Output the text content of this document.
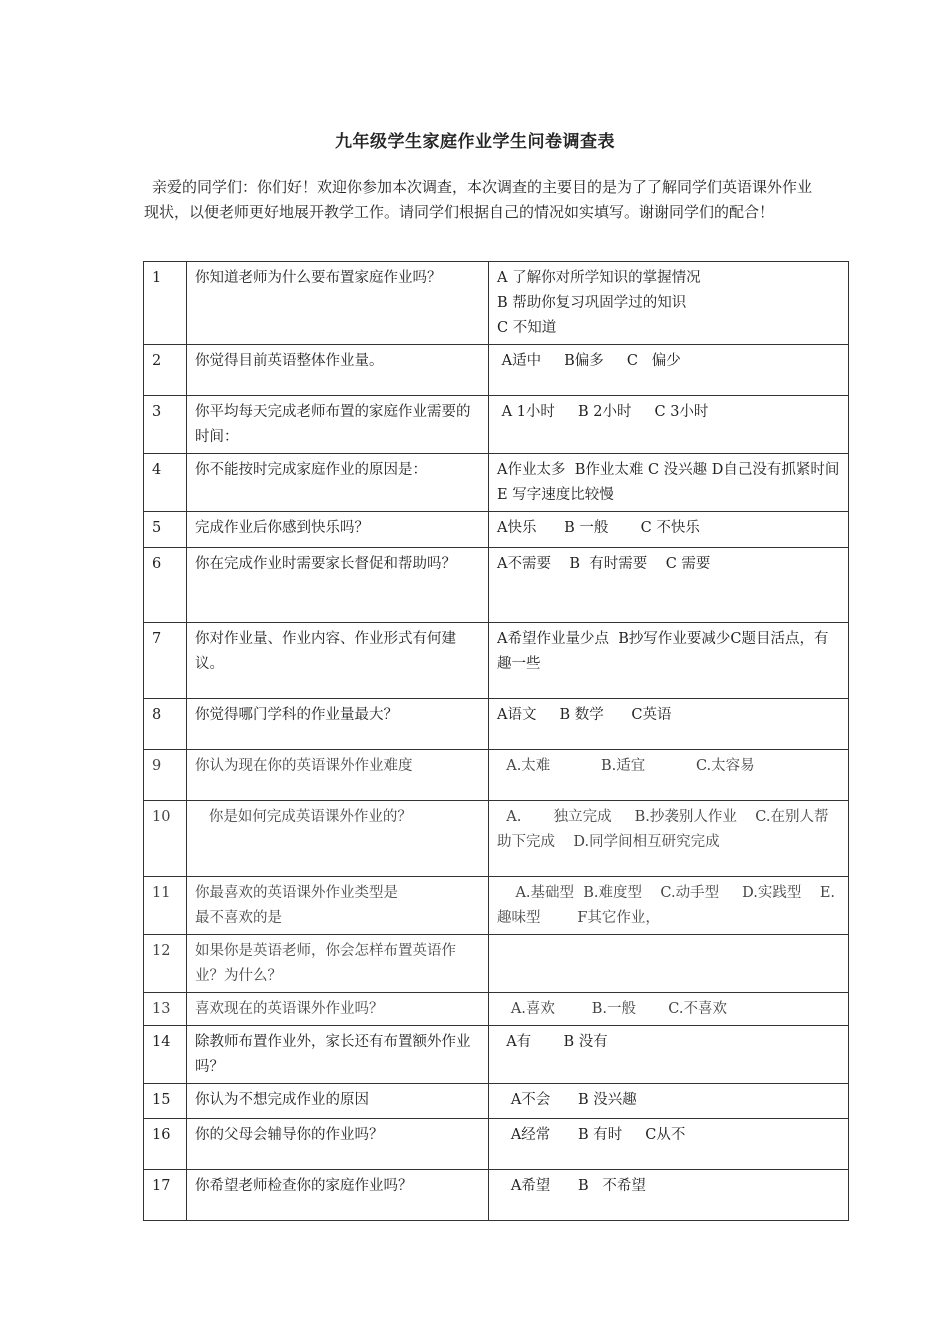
九年级学生家庭作业学生问卷调查表

亲爱的同学们：你们好！欢迎你参加本次调查，本次调查的主要目的是为了了解同学们英语课外作业现状，以便老师更好地展开教学工作。请同学们根据自己的情况如实填写。谢谢同学们的配合！

1	你知道老师为什么要布置家庭作业吗？	A 了解你对所学知识的掌握情况
B 帮助你复习巩固学过的知识
C 不知道
2	你觉得目前英语整体作业量。	A适中     B偏多     C   偏少
3	你平均每天完成老师布置的家庭作业需要的时间：	A 1小时     B 2小时     C 3小时
4	你不能按时完成家庭作业的原因是：	A作业太多  B作业太难 C 没兴趣 D自己没有抓紧时间   E 写字速度比较慢
5	完成作业后你感到快乐吗？	A快乐      B 一般       C 不快乐
6	你在完成作业时需要家长督促和帮助吗？	A不需要    B  有时需要    C 需要
7	你对作业量、作业内容、作业形式有何建议。	A希望作业量少点  B抄写作业要减少C题目活点，有趣一些
8	你觉得哪门学科的作业量最大？	A语文     B 数学      C英语
9	你认为现在你的英语课外作业难度	A.太难           B.适宜           C.太容易
10	你是如何完成英语课外作业的？	A.       独立完成     B.抄袭别人作业    C.在别人帮助下完成    D.同学间相互研究完成
11	你最喜欢的英语课外作业类型是
最不喜欢的是	A.基础型  B.难度型    C.动手型     D.实践型    E.趣味型        F其它作业，
12	如果你是英语老师，你会怎样布置英语作业？为什么？	
13	喜欢现在的英语课外作业吗？	A.喜欢        B.一般       C.不喜欢
14	除教师布置作业外，家长还有布置额外作业吗？	A有       B 没有
15	你认为不想完成作业的原因	A不会      B 没兴趣
16	你的父母会辅导你的作业吗？	A经常      B 有时     C从不
17	你希望老师检查你的家庭作业吗？	A希望      B   不希望
